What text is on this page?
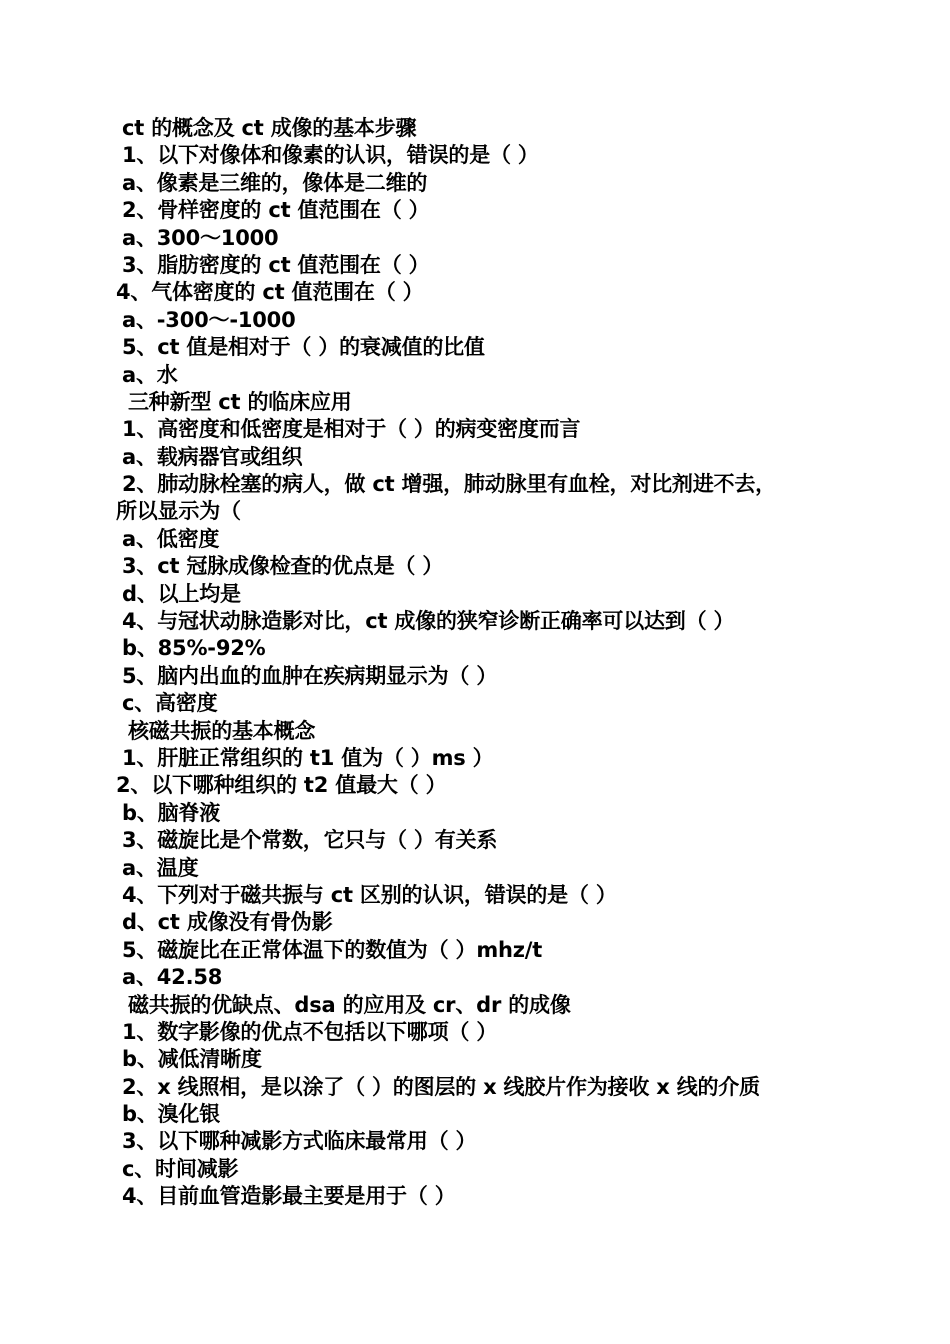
ct 的概念及 ct 成像的基本步骤
1、以下对像体和像素的认识，错误的是（ ）
a、像素是三维的，像体是二维的
2、骨样密度的 ct 值范围在（ ）
a、300～1000
3、脂肪密度的 ct 值范围在（ ）
4、气体密度的 ct 值范围在（ ）
a、-300～-1000
5、ct 值是相对于（ ）的衰减值的比值
a、水
三种新型 ct 的临床应用
1、高密度和低密度是相对于（ ）的病变密度而言
a、载病器官或组织
2、肺动脉栓塞的病人，做 ct 增强，肺动脉里有血栓，对比剂进不去，
所以显示为（
a、低密度
3、ct 冠脉成像检查的优点是（ ）
d、以上均是
4、与冠状动脉造影对比，ct 成像的狭窄诊断正确率可以达到（ ）
b、85%-92%
5、脑内出血的血肿在疾病期显示为（ ）
c、高密度
核磁共振的基本概念
1、肝脏正常组织的 t1 值为（ ）ms ）
2、以下哪种组织的 t2 值最大（ ）
b、脑脊液
3、磁旋比是个常数，它只与（ ）有关系
a、温度
4、下列对于磁共振与 ct 区别的认识，错误的是（ ）
d、ct 成像没有骨伪影
5、磁旋比在正常体温下的数值为（ ）mhz/t
a、42.58
磁共振的优缺点、dsa 的应用及 cr、dr 的成像
1、数字影像的优点不包括以下哪项（ ）
b、减低清晰度
2、x 线照相，是以涂了（ ）的图层的 x 线胶片作为接收 x 线的介质
b、溴化银
3、以下哪种减影方式临床最常用（ ）
c、时间减影
4、目前血管造影最主要是用于（ ）
